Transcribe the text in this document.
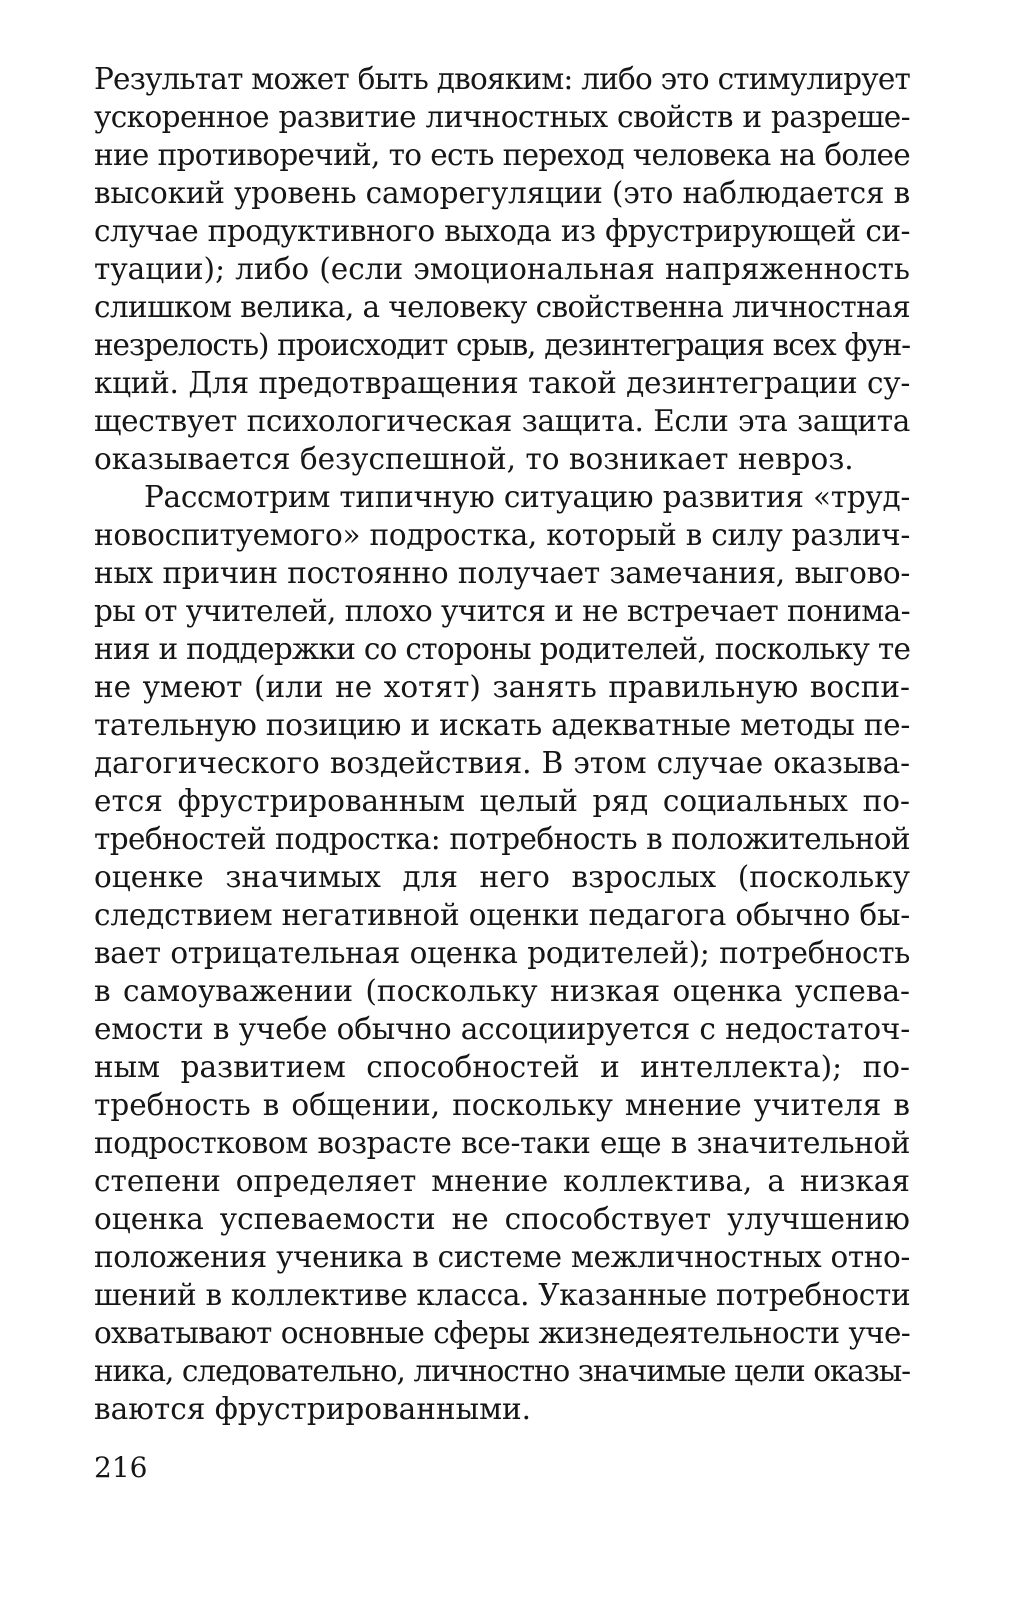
Результат может быть двояким: либо это стимулирует
ускоренное развитие личностных свойств и разреше-
ние противоречий, то есть переход человека на более
высокий уровень саморегуляции (это наблюдается в
случае продуктивного выхода из фрустрирующей си-
туации); либо (если эмоциональная напряженность
слишком велика, а человеку свойственна личностная
незрелость) происходит срыв, дезинтеграция всех фун-
кций. Для предотвращения такой дезинтеграции су-
ществует психологическая защита. Если эта защита
оказывается безуспешной, то возникает невроз.
Рассмотрим типичную ситуацию развития «труд-
новоспитуемого» подростка, который в силу различ-
ных причин постоянно получает замечания, выгово-
ры от учителей, плохо учится и не встречает понима-
ния и поддержки со стороны родителей, поскольку те
не умеют (или не хотят) занять правильную воспи-
тательную позицию и искать адекватные методы пе-
дагогического воздействия. В этом случае оказыва-
ется фрустрированным целый ряд социальных по-
требностей подростка: потребность в положительной
оценке значимых для него взрослых (поскольку
следствием негативной оценки педагога обычно бы-
вает отрицательная оценка родителей); потребность
в самоуважении (поскольку низкая оценка успева-
емости в учебе обычно ассоциируется с недостаточ-
ным развитием способностей и интеллекта); по-
требность в общении, поскольку мнение учителя в
подростковом возрасте все-таки еще в значительной
степени определяет мнение коллектива, а низкая
оценка успеваемости не способствует улучшению
положения ученика в системе межличностных отно-
шений в коллективе класса. Указанные потребности
охватывают основные сферы жизнедеятельности уче-
ника, следовательно, личностно значимые цели оказы-
ваются фрустрированными.
216
